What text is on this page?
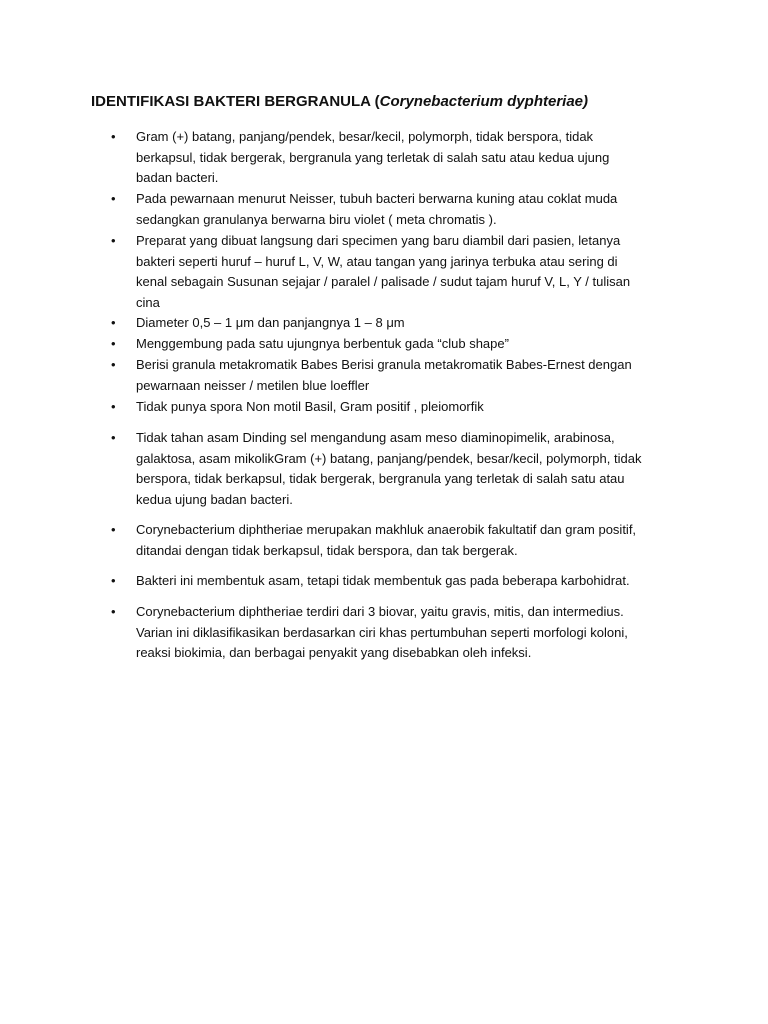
IDENTIFIKASI BAKTERI BERGRANULA (Corynebacterium dyphteriae)
• Gram (+) batang, panjang/pendek, besar/kecil, polymorph, tidak berspora, tidak
berkapsul, tidak bergerak, bergranula yang terletak di salah satu atau kedua ujung
badan bacteri.
• Pada pewarnaan menurut Neisser, tubuh bacteri berwarna kuning atau coklat muda
sedangkan granulanya berwarna biru violet ( meta chromatis ).
• Preparat yang dibuat langsung dari specimen yang baru diambil dari pasien, letanya
bakteri seperti huruf – huruf L, V, W, atau tangan yang jarinya terbuka atau sering di
kenal sebagain Susunan sejajar / paralel / palisade / sudut tajam huruf V, L, Y / tulisan
cina
• Diameter 0,5 – 1 μm dan panjangnya 1 – 8 μm
• Menggembung pada satu ujungnya berbentuk gada “club shape”
• Berisi granula metakromatik Babes Berisi granula metakromatik Babes-Ernest dengan
pewarnaan neisser / metilen blue loeffler
• Tidak punya spora Non motil Basil, Gram positif , pleiomorfik
• Tidak tahan asam Dinding sel mengandung asam meso diaminopimelik, arabinosa,
galaktosa, asam mikolikGram (+) batang, panjang/pendek, besar/kecil, polymorph, tidak
berspora, tidak berkapsul, tidak bergerak, bergranula yang terletak di salah satu atau
kedua ujung badan bacteri.
• Corynebacterium diphtheriae merupakan makhluk anaerobik fakultatif dan gram positif,
ditandai dengan tidak berkapsul, tidak berspora, dan tak bergerak.
• Bakteri ini membentuk asam, tetapi tidak membentuk gas pada beberapa karbohidrat.
• Corynebacterium diphtheriae terdiri dari 3 biovar, yaitu gravis, mitis, dan intermedius.
Varian ini diklasifikasikan berdasarkan ciri khas pertumbuhan seperti morfologi koloni,
reaksi biokimia, dan berbagai penyakit yang disebabkan oleh infeksi.
